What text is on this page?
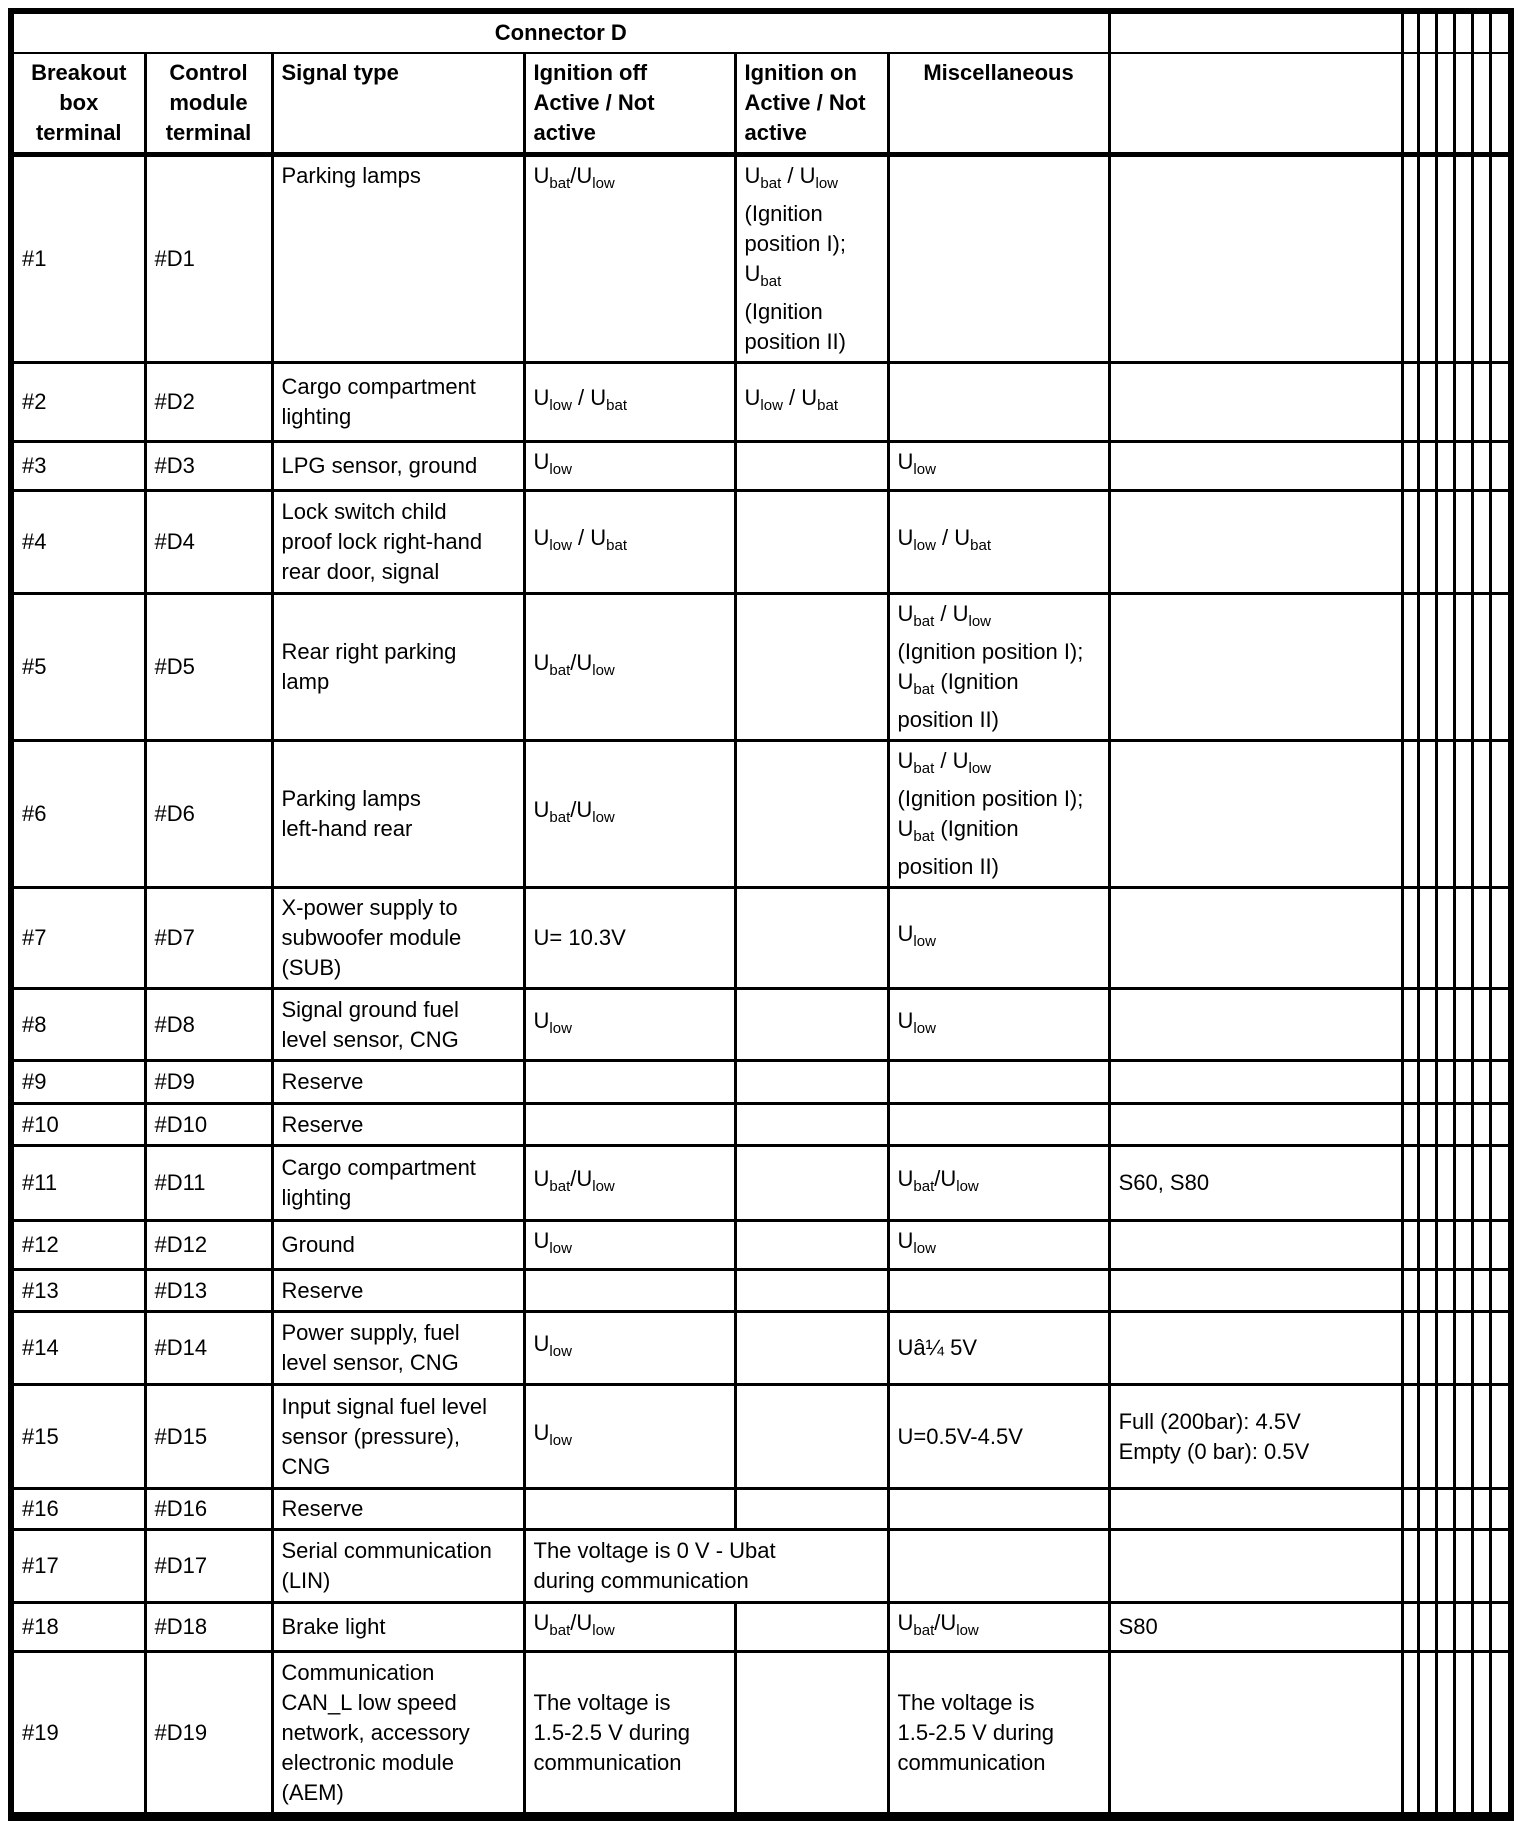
Connector D												
Breakout
box
terminal	Control
module
terminal	Signal type	Ignition off
Active / Not
active	Ignition on
Active / Not
active	Miscellaneous							
#1	#D1	Parking lamps	$U_{bat}/U_{low}$	$U_{bat} / U_{low}$
(Ignition
position I);
$U_{bat}$
(Ignition
position II)								
#2	#D2	Cargo compartment
lighting	$U_{low} / U_{bat}$	$U_{low} / U_{bat}$								
#3	#D3	LPG sensor, ground	$U_{low}$		$U_{low}$							
#4	#D4	Lock switch child
proof lock right-hand
rear door, signal	$U_{low} / U_{bat}$		$U_{low} / U_{bat}$							
#5	#D5	Rear right parking
lamp	$U_{bat}/U_{low}$		$U_{bat} / U_{low}$
(Ignition position I);
$U_{bat}$ (Ignition
position II)							
#6	#D6	Parking lamps
left-hand rear	$U_{bat}/U_{low}$		$U_{bat} / U_{low}$
(Ignition position I);
$U_{bat}$ (Ignition
position II)							
#7	#D7	X-power supply to
subwoofer module
(SUB)	U= 10.3V		$U_{low}$							
#8	#D8	Signal ground fuel
level sensor, CNG	$U_{low}$		$U_{low}$							
#9	#D9	Reserve										
#10	#D10	Reserve										
#11	#D11	Cargo compartment
lighting	$U_{bat}/U_{low}$		$U_{bat}/U_{low}$	S60, S80						
#12	#D12	Ground	$U_{low}$		$U_{low}$							
#13	#D13	Reserve										
#14	#D14	Power supply, fuel
level sensor, CNG	$U_{low}$		Uâ¼ 5V							
#15	#D15	Input signal fuel level
sensor (pressure),
CNG	$U_{low}$		U=0.5V-4.5V	Full (200bar): 4.5V
Empty (0 bar): 0.5V						
#16	#D16	Reserve										
#17	#D17	Serial communication
(LIN)	The voltage is 0 V - Ubat
during communication									
#18	#D18	Brake light	$U_{bat}/U_{low}$		$U_{bat}/U_{low}$	S80						
#19	#D19	Communication
CAN_L low speed
network, accessory
electronic module
(AEM)	The voltage is
1.5-2.5 V during
communication		The voltage is
1.5-2.5 V during
communication							
